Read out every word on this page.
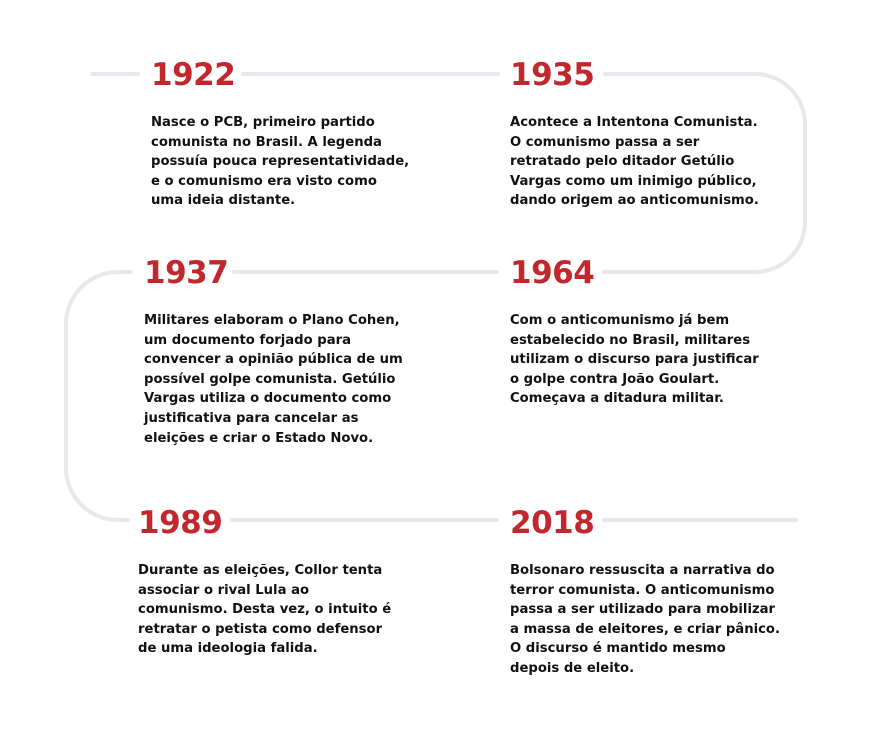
1922

Nasce o PCB, primeiro partido
comunista no Brasil. A legenda
possuía pouca representatividade,
e o comunismo era visto como
uma ideia distante.

1935

Acontece a Intentona Comunista.
O comunismo passa a ser
retratado pelo ditador Getúlio
Vargas como um inimigo público,
dando origem ao anticomunismo.

1937

Militares elaboram o Plano Cohen,
um documento forjado para
convencer a opinião pública de um
possível golpe comunista. Getúlio
Vargas utiliza o documento como
justificativa para cancelar as
eleições e criar o Estado Novo.

1964

Com o anticomunismo já bem
estabelecido no Brasil, militares
utilizam o discurso para justificar
o golpe contra João Goulart.
Começava a ditadura militar.

1989

Durante as eleições, Collor tenta
associar o rival Lula ao
comunismo. Desta vez, o intuito é
retratar o petista como defensor
de uma ideologia falida.

2018

Bolsonaro ressuscita a narrativa do
terror comunista. O anticomunismo
passa a ser utilizado para mobilizar
a massa de eleitores, e criar pânico.
O discurso é mantido mesmo
depois de eleito.
